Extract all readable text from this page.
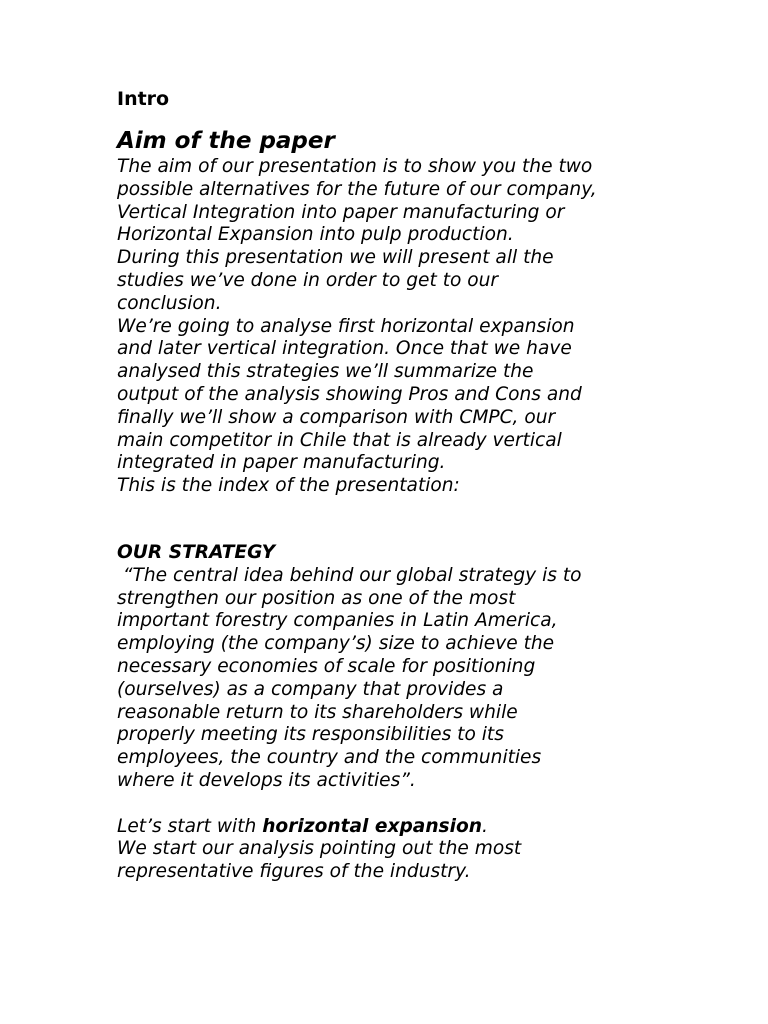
Intro

Aim of the paper

The aim of our presentation is to show you the two
possible alternatives for the future of our company,
Vertical Integration into paper manufacturing or
Horizontal Expansion into pulp production.
During this presentation we will present all the
studies we’ve done in order to get to our
conclusion.
We’re going to analyse first horizontal expansion
and later vertical integration. Once that we have
analysed this strategies we’ll summarize the
output of the analysis showing Pros and Cons and
finally we’ll show a comparison with CMPC, our
main competitor in Chile that is already vertical
integrated in paper manufacturing.
This is the index of the presentation:

OUR STRATEGY

“The central idea behind our global strategy is to
strengthen our position as one of the most
important forestry companies in Latin America,
employing (the company’s) size to achieve the
necessary economies of scale for positioning
(ourselves) as a company that provides a
reasonable return to its shareholders while
properly meeting its responsibilities to its
employees, the country and the communities
where it develops its activities”.
Let’s start with horizontal expansion.
We start our analysis pointing out the most
representative figures of the industry.
